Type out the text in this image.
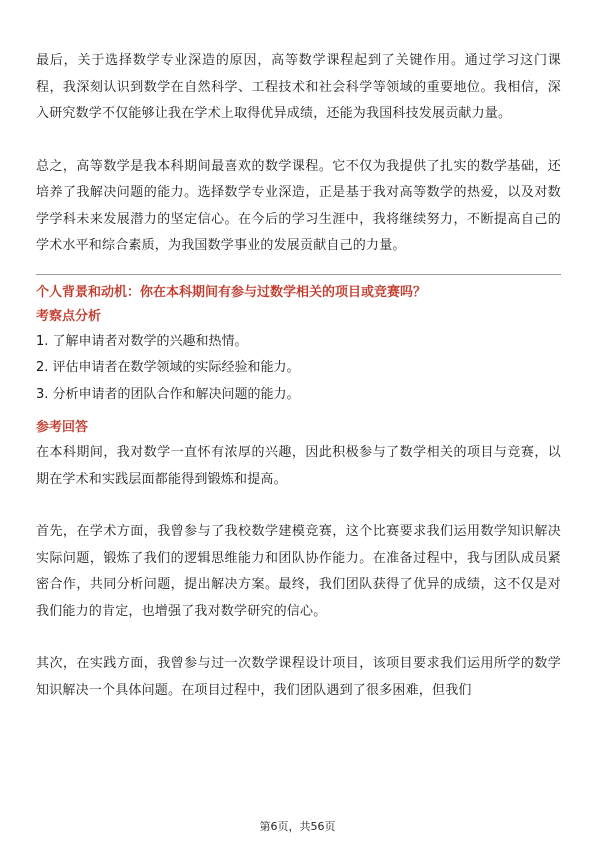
最后，关于选择数学专业深造的原因，高等数学课程起到了关键作用。通过学习这门课程，我深刻认识到数学在自然科学、工程技术和社会科学等领域的重要地位。我相信，深入研究数学不仅能够让我在学术上取得优异成绩，还能为我国科技发展贡献力量。

总之，高等数学是我本科期间最喜欢的数学课程。它不仅为我提供了扎实的数学基础，还培养了我解决问题的能力。选择数学专业深造，正是基于我对高等数学的热爱，以及对数学学科未来发展潜力的坚定信心。在今后的学习生涯中，我将继续努力，不断提高自己的学术水平和综合素质，为我国数学事业的发展贡献自己的力量。

个人背景和动机：你在本科期间有参与过数学相关的项目或竞赛吗？

考察点分析

1. 了解申请者对数学的兴趣和热情。
2. 评估申请者在数学领域的实际经验和能力。
3. 分析申请者的团队合作和解决问题的能力。

参考回答

在本科期间，我对数学一直怀有浓厚的兴趣，因此积极参与了数学相关的项目与竞赛，以期在学术和实践层面都能得到锻炼和提高。

首先，在学术方面，我曾参与了我校数学建模竞赛，这个比赛要求我们运用数学知识解决实际问题，锻炼了我们的逻辑思维能力和团队协作能力。在准备过程中，我与团队成员紧密合作，共同分析问题，提出解决方案。最终，我们团队获得了优异的成绩，这不仅是对我们能力的肯定，也增强了我对数学研究的信心。

其次，在实践方面，我曾参与过一次数学课程设计项目，该项目要求我们运用所学的数学知识解决一个具体问题。在项目过程中，我们团队遇到了很多困难，但我们

第6页，共56页
